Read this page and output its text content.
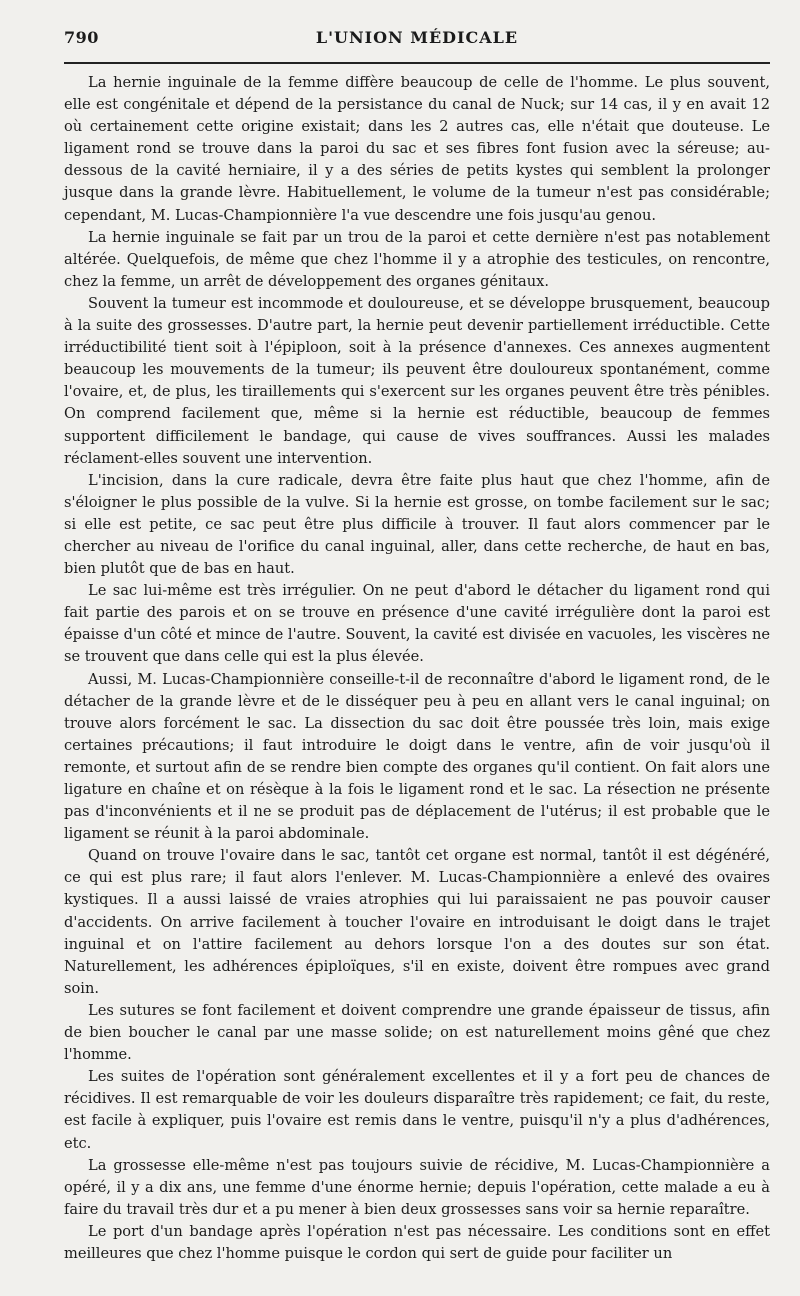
790	L'UNION MÉDICALE

La hernie inguinale de la femme diffère beaucoup de celle de l'homme. Le plus souvent, elle est congénitale et dépend de la persistance du canal de Nuck; sur 14 cas, il y en avait 12 où certainement cette origine existait; dans les 2 autres cas, elle n'était que douteuse. Le ligament rond se trouve dans la paroi du sac et ses fibres font fusion avec la séreuse; au-dessous de la cavité herniaire, il y a des séries de petits kystes qui semblent la prolonger jusque dans la grande lèvre. Habituellement, le volume de la tumeur n'est pas considérable; cependant, M. Lucas-Championnière l'a vue descendre une fois jusqu'au genou.

La hernie inguinale se fait par un trou de la paroi et cette dernière n'est pas notablement altérée. Quelquefois, de même que chez l'homme il y a atrophie des testicules, on rencontre, chez la femme, un arrêt de développement des organes génitaux.

Souvent la tumeur est incommode et douloureuse, et se développe brusquement, beaucoup à la suite des grossesses. D'autre part, la hernie peut devenir partiellement irréductible. Cette irréductibilité tient soit à l'épiploon, soit à la présence d'annexes. Ces annexes augmentent beaucoup les mouvements de la tumeur; ils peuvent être douloureux spontanément, comme l'ovaire, et, de plus, les tiraillements qui s'exercent sur les organes peuvent être très pénibles. On comprend facilement que, même si la hernie est réductible, beaucoup de femmes supportent difficilement le bandage, qui cause de vives souffrances. Aussi les malades réclament-elles souvent une intervention.

L'incision, dans la cure radicale, devra être faite plus haut que chez l'homme, afin de s'éloigner le plus possible de la vulve. Si la hernie est grosse, on tombe facilement sur le sac; si elle est petite, ce sac peut être plus difficile à trouver. Il faut alors commencer par le chercher au niveau de l'orifice du canal inguinal, aller, dans cette recherche, de haut en bas, bien plutôt que de bas en haut.

Le sac lui-même est très irrégulier. On ne peut d'abord le détacher du ligament rond qui fait partie des parois et on se trouve en présence d'une cavité irrégulière dont la paroi est épaisse d'un côté et mince de l'autre. Souvent, la cavité est divisée en vacuoles, les viscères ne se trouvent que dans celle qui est la plus élevée.

Aussi, M. Lucas-Championnière conseille-t-il de reconnaître d'abord le ligament rond, de le détacher de la grande lèvre et de le disséquer peu à peu en allant vers le canal inguinal; on trouve alors forcément le sac. La dissection du sac doit être poussée très loin, mais exige certaines précautions; il faut introduire le doigt dans le ventre, afin de voir jusqu'où il remonte, et surtout afin de se rendre bien compte des organes qu'il contient. On fait alors une ligature en chaîne et on résèque à la fois le ligament rond et le sac. La résection ne présente pas d'inconvénients et il ne se produit pas de déplacement de l'utérus; il est probable que le ligament se réunit à la paroi abdominale.

Quand on trouve l'ovaire dans le sac, tantôt cet organe est normal, tantôt il est dégénéré, ce qui est plus rare; il faut alors l'enlever. M. Lucas-Championnière a enlevé des ovaires kystiques. Il a aussi laissé de vraies atrophies qui lui paraissaient ne pas pouvoir causer d'accidents. On arrive facilement à toucher l'ovaire en introduisant le doigt dans le trajet inguinal et on l'attire facilement au dehors lorsque l'on a des doutes sur son état. Naturellement, les adhérences épiploïques, s'il en existe, doivent être rompues avec grand soin.

Les sutures se font facilement et doivent comprendre une grande épaisseur de tissus, afin de bien boucher le canal par une masse solide; on est naturellement moins gêné que chez l'homme.

Les suites de l'opération sont généralement excellentes et il y a fort peu de chances de récidives. Il est remarquable de voir les douleurs disparaître très rapidement; ce fait, du reste, est facile à expliquer, puis l'ovaire est remis dans le ventre, puisqu'il n'y a plus d'adhérences, etc.

La grossesse elle-même n'est pas toujours suivie de récidive, M. Lucas-Championnière a opéré, il y a dix ans, une femme d'une énorme hernie; depuis l'opération, cette malade a eu à faire du travail très dur et a pu mener à bien deux grossesses sans voir sa hernie reparaître.

Le port d'un bandage après l'opération n'est pas nécessaire. Les conditions sont en effet meilleures que chez l'homme puisque le cordon qui sert de guide pour faciliter un
